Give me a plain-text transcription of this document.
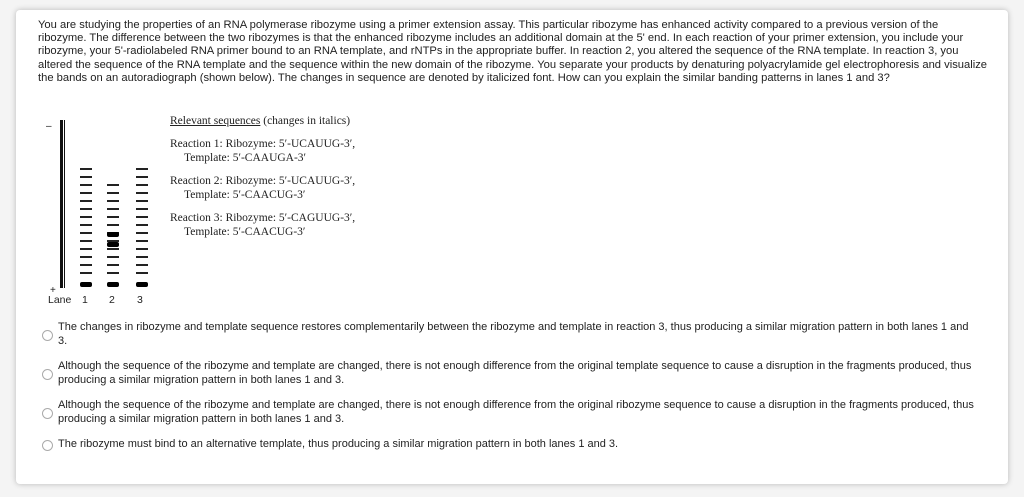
You are studying the properties of an RNA polymerase ribozyme using a primer extension assay. This particular ribozyme has enhanced activity compared to a previous version of the ribozyme. The difference between the two ribozymes is that the enhanced ribozyme includes an additional domain at the 5' end. In each reaction of your primer extension, you include your ribozyme, your 5'-radiolabeled RNA primer bound to an RNA template, and rNTPs in the appropriate buffer. In reaction 2, you altered the sequence of the RNA template. In reaction 3, you altered the sequence of the RNA template and the sequence within the new domain of the ribozyme. You separate your products by denaturing polyacrylamide gel electrophoresis and visualize the bands on an autoradiograph (shown below). The changes in sequence are denoted by italicized font. How can you explain the similar banding patterns in lanes 1 and 3?

–
+
Lane 1 2 3
Relevant sequences (changes in italics)
Reaction 1: Ribozyme: 5′-UCAUUG-3′,
Template: 5′-CAAUGA-3′
Reaction 2: Ribozyme: 5′-UCAUUG-3′,
Template: 5′-CAACUG-3′
Reaction 3: Ribozyme: 5′-CAGUUG-3′,
Template: 5′-CAACUG-3′
The changes in ribozyme and template sequence restores complementarily between the ribozyme and template in reaction 3, thus producing a similar migration pattern in both lanes 1 and 3.
Although the sequence of the ribozyme and template are changed, there is not enough difference from the original template sequence to cause a disruption in the fragments produced, thus producing a similar migration pattern in both lanes 1 and 3.
Although the sequence of the ribozyme and template are changed, there is not enough difference from the original ribozyme sequence to cause a disruption in the fragments produced, thus producing a similar migration pattern in both lanes 1 and 3.
The ribozyme must bind to an alternative template, thus producing a similar migration pattern in both lanes 1 and 3.
